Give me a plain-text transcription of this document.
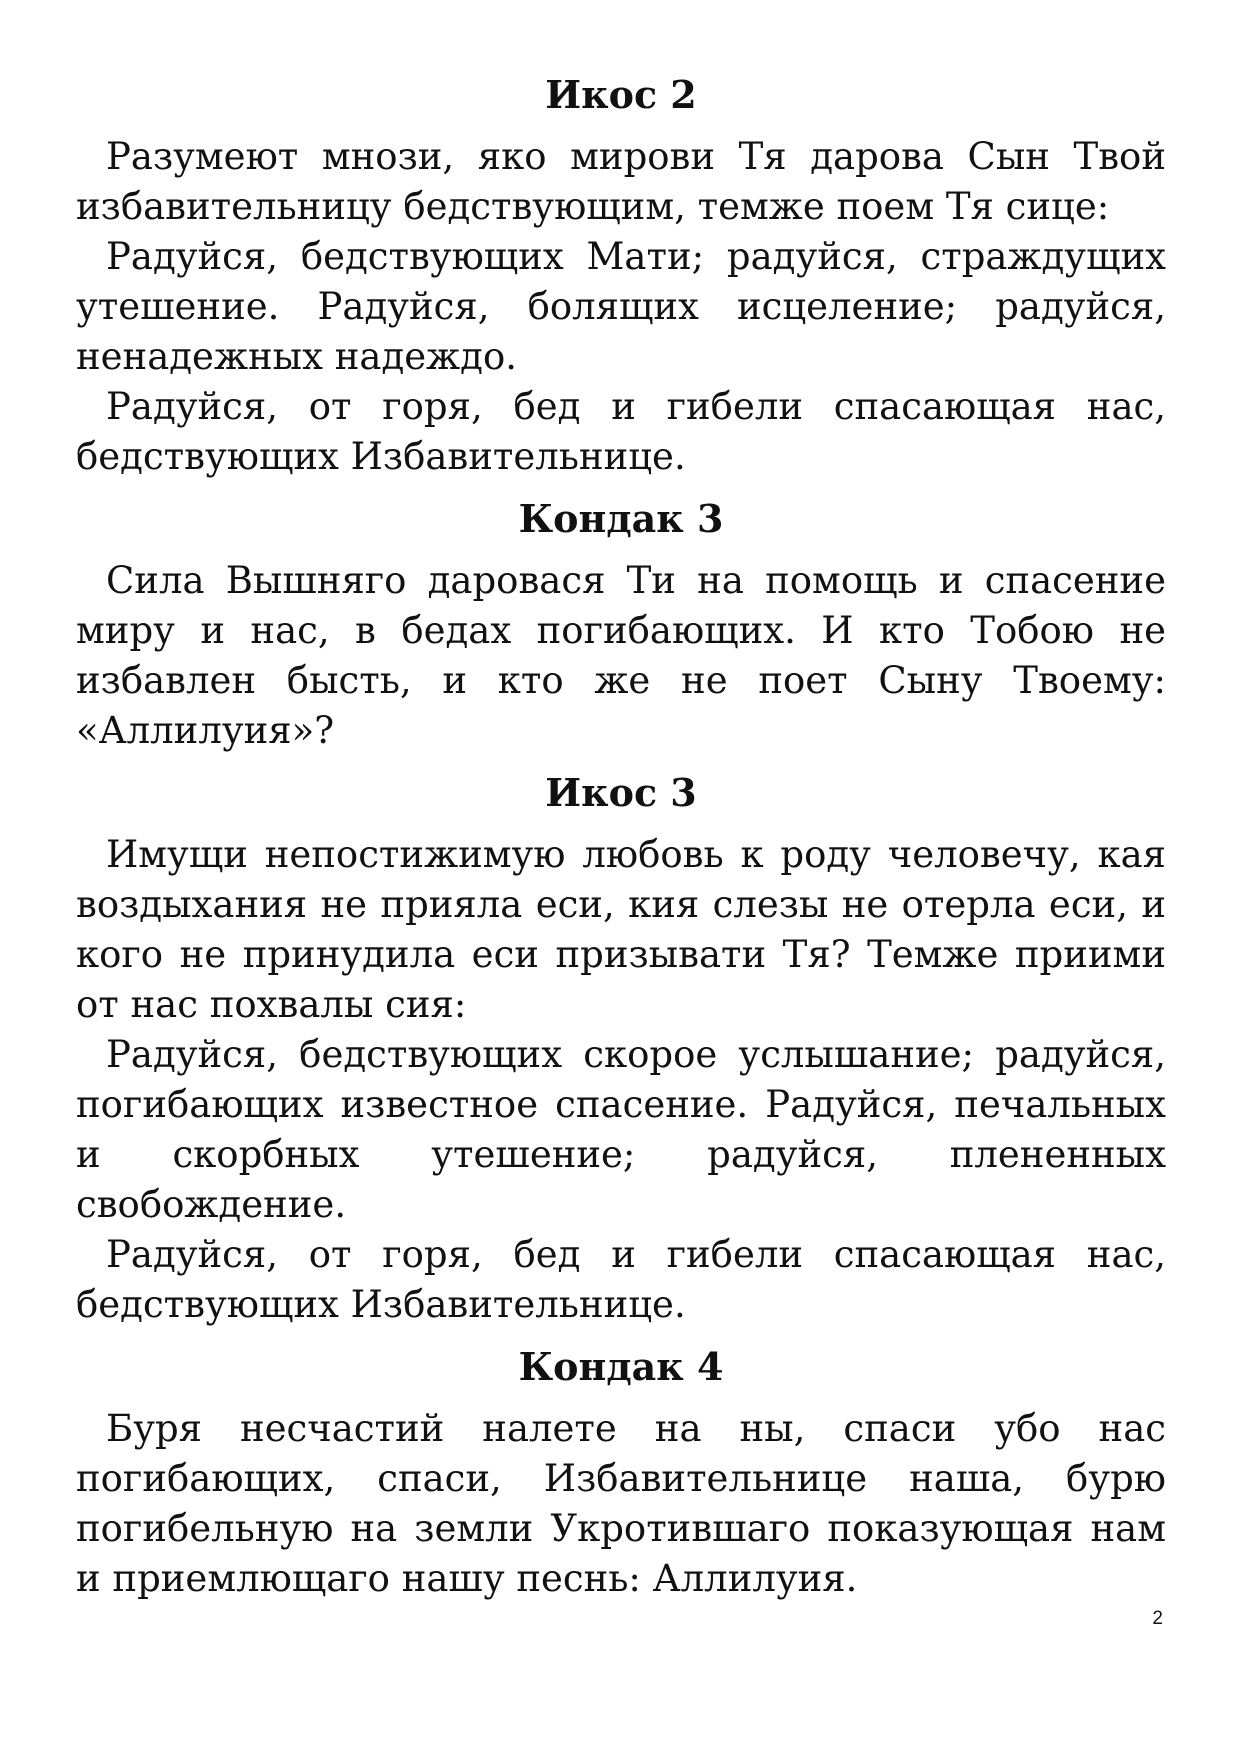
Икос 2

Разумеют мнози, яко мирови Тя дарова Сын Твой избавительницу бедствующим, темже поем Тя сице:

Радуйся, бедствующих Мати; радуйся, страждущих утешение. Радуйся, болящих исцеление; радуйся, ненадежных надеждо.

Радуйся, от горя, бед и гибели спасающая нас, бедствующих Избавительнице.

Кондак 3

Сила Вышняго даровася Ти на помощь и спасение миру и нас, в бедах погибающих. И кто Тобою не избавлен бысть, и кто же не поет Сыну Твоему: «Аллилуия»?

Икос 3

Имущи непостижимую любовь к роду человечу, кая воздыхания не прияла еси, кия слезы не отерла еси, и кого не принудила еси призывати Тя? Темже приими от нас похвалы сия:

Радуйся, бедствующих скорое услышание; радуйся, погибающих известное спасение. Радуйся, печальных и скорбных утешение; радуйся, плененных свобождение.

Радуйся, от горя, бед и гибели спасающая нас, бедствующих Избавительнице.

Кондак 4

Буря несчастий налете на ны, спаси убо нас погибающих, спаси, Избавительнице наша, бурю погибельную на земли Укротившаго показующая нам и приемлющаго нашу песнь: Аллилуия.

2
